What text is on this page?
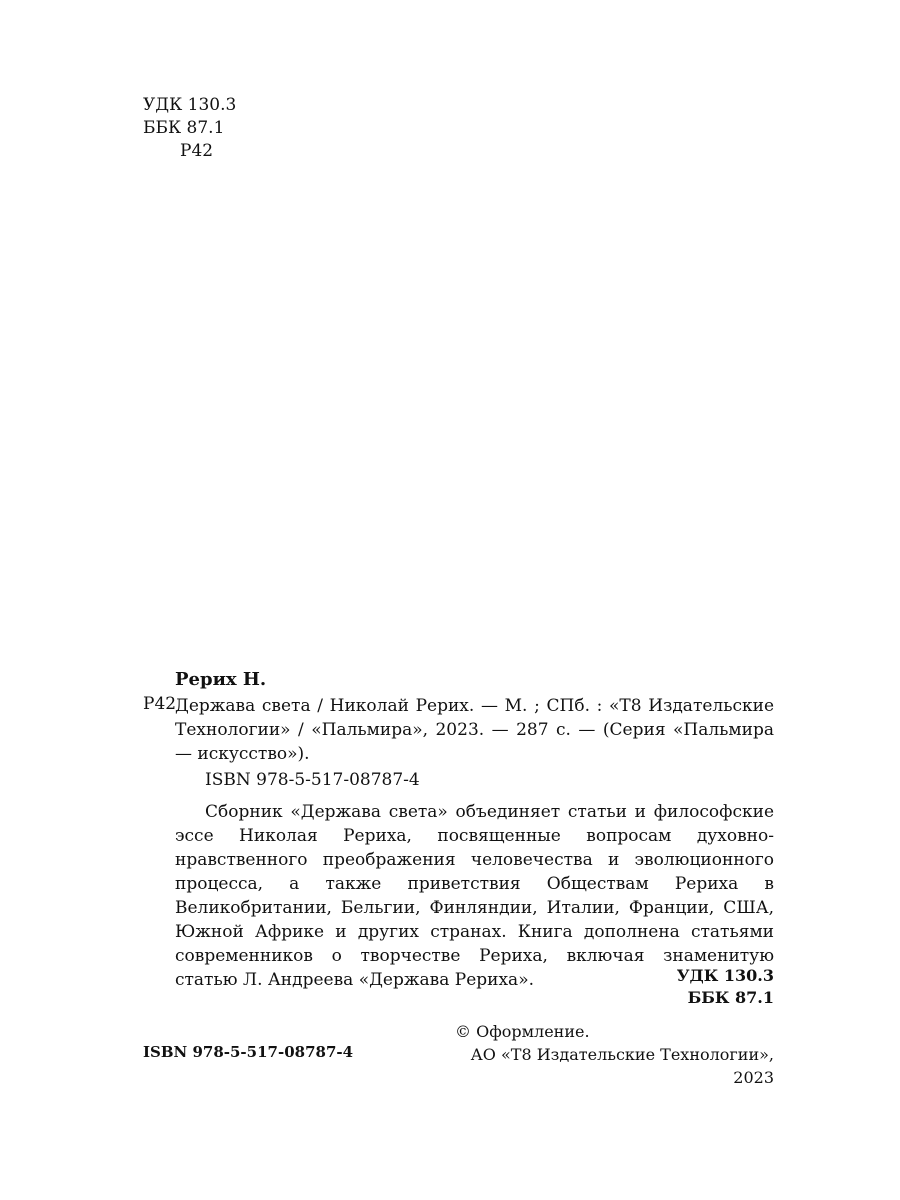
УДК 130.3
ББК 87.1
Р42
Рерих Н.
Р42
Держава света / Николай Рерих. — М. ; СПб. : «Т8 Издательские Технологии» / «Пальмира», 2023. — 287 с. — (Серия «Пальмира — искусство»).
ISBN 978-5-517-08787-4
Сборник «Держава света» объединяет статьи и философские эссе Николая Рериха, посвященные вопросам духовно-нравственного преображения человечества и эволюционного процесса, а также приветствия Обществам Рериха в Великобритании, Бельгии, Финляндии, Италии, Франции, США, Южной Африке и других странах. Книга дополнена статьями современников о творчестве Рериха, включая знаменитую статью Л. Андреева «Держава Рериха».	УДК 130.3
ББК 87.1
ISBN 978-5-517-08787-4
© Оформление.
АО «Т8 Издательские Технологии», 2023
